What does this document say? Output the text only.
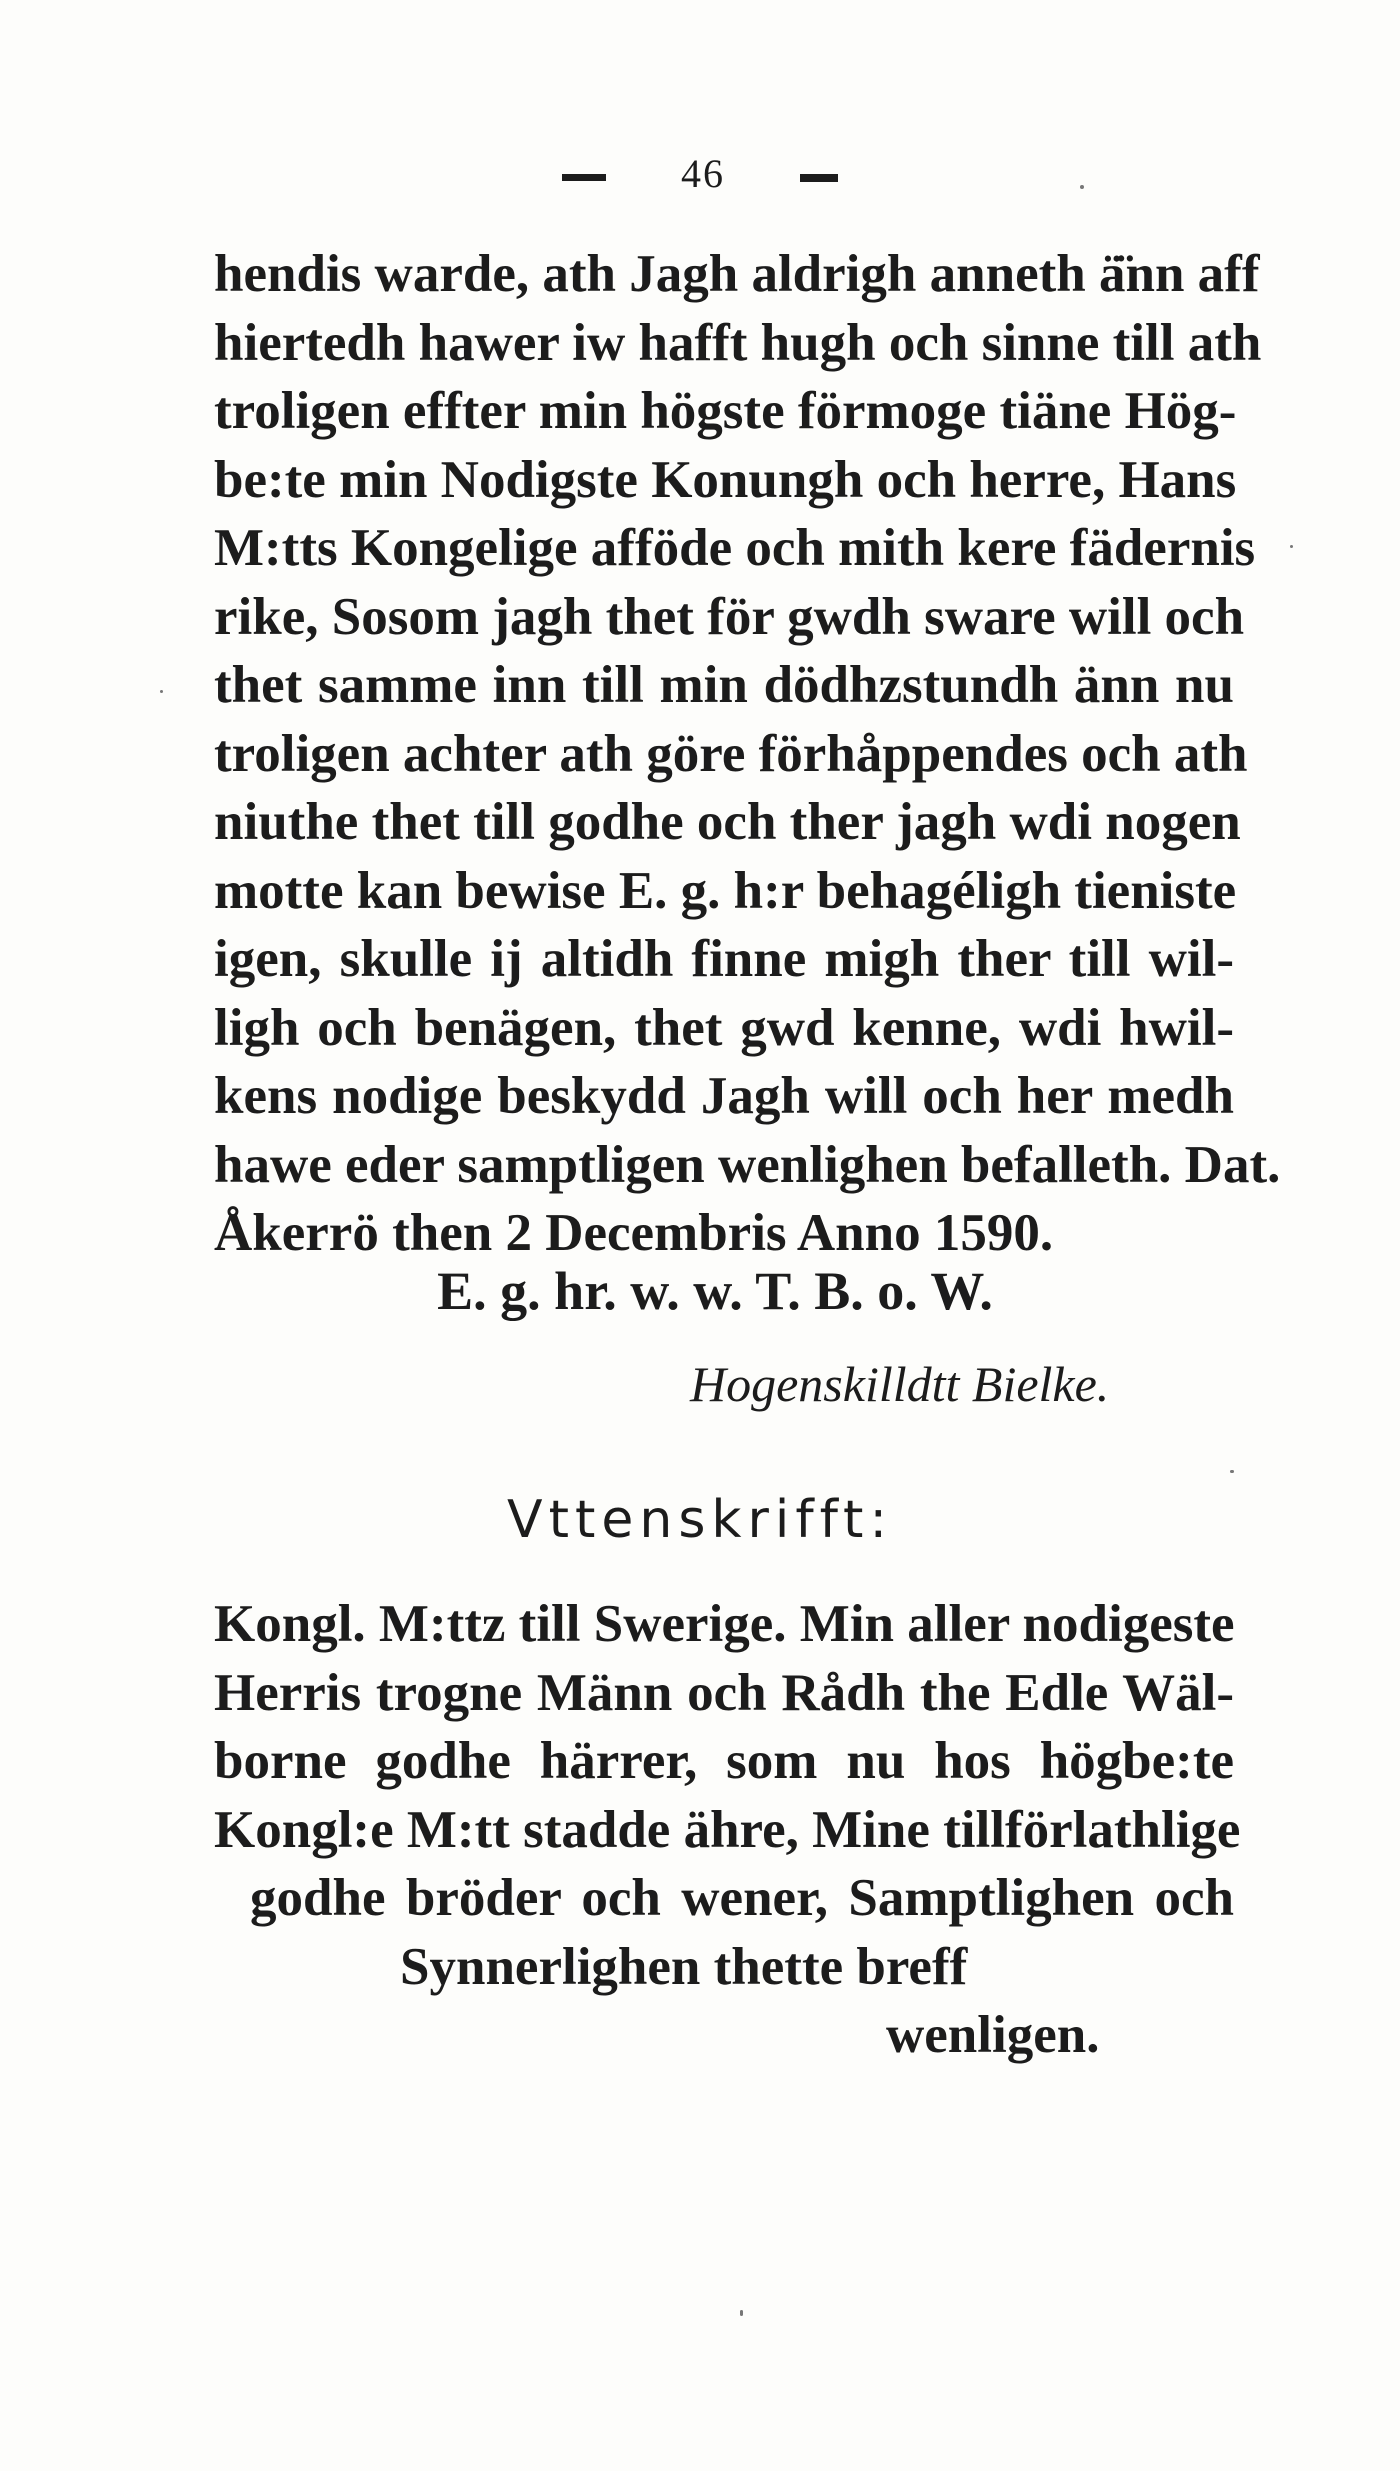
46
hendis warde, ath Jagh aldrigh anneth ä̈nn aff
hiertedh hawer iw hafft hugh och sinne till ath
troligen effter min högste förmoge tiäne Hög-
be:te min Nodigste Konungh och herre, Hans
M:tts Kongelige afföde och mith kere fädernis
rike, Sosom jagh thet för gwdh sware will och
thet samme inn till min dödhzstundh änn nu
troligen achter ath göre förhåppendes och ath
niuthe thet till godhe och ther jagh wdi nogen
motte kan bewise E. g. h:r behagéligh tieniste
igen, skulle ij altidh finne migh ther till wil-
ligh och benägen, thet gwd kenne, wdi hwil-
kens nodige beskydd Jagh will och her medh
hawe eder samptligen wenlighen befalleth. Dat.
Åkerrö then 2 Decembris Anno 1590.
E. g. hr. w. w. T. B. o. W.
Hogenskilldtt Bielke.
Vttenskrifft:
Kongl. M:ttz till Swerige. Min aller nodigeste
Herris trogne Männ och Rådh the Edle Wäl-
borne godhe härrer, som nu hos högbe:te
Kongl:e M:tt stadde ähre, Mine tillförlathlige
godhe bröder och wener, Samptlighen och
Synnerlighen thette breff
wenligen.
